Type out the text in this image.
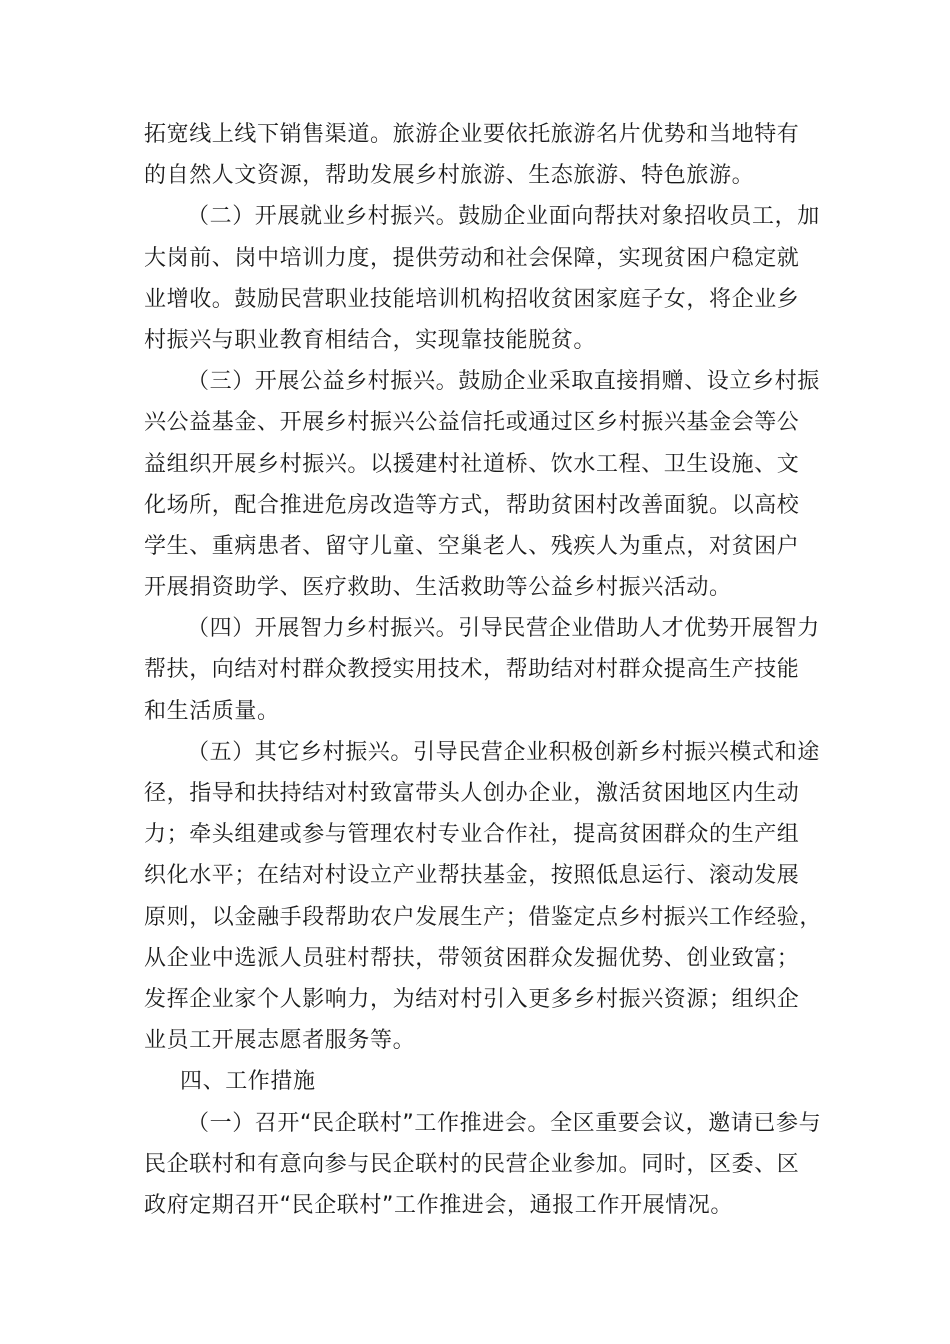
拓宽线上线下销售渠道。旅游企业要依托旅游名片优势和当地特有
的自然人文资源，帮助发展乡村旅游、生态旅游、特色旅游。
（二）开展就业乡村振兴。鼓励企业面向帮扶对象招收员工，加
大岗前、岗中培训力度，提供劳动和社会保障，实现贫困户稳定就
业增收。鼓励民营职业技能培训机构招收贫困家庭子女，将企业乡
村振兴与职业教育相结合，实现靠技能脱贫。
（三）开展公益乡村振兴。鼓励企业采取直接捐赠、设立乡村振
兴公益基金、开展乡村振兴公益信托或通过区乡村振兴基金会等公
益组织开展乡村振兴。以援建村社道桥、饮水工程、卫生设施、文
化场所，配合推进危房改造等方式，帮助贫困村改善面貌。以高校
学生、重病患者、留守儿童、空巢老人、残疾人为重点，对贫困户
开展捐资助学、医疗救助、生活救助等公益乡村振兴活动。
（四）开展智力乡村振兴。引导民营企业借助人才优势开展智力
帮扶，向结对村群众教授实用技术，帮助结对村群众提高生产技能
和生活质量。
（五）其它乡村振兴。引导民营企业积极创新乡村振兴模式和途
径，指导和扶持结对村致富带头人创办企业，激活贫困地区内生动
力；牵头组建或参与管理农村专业合作社，提高贫困群众的生产组
织化水平；在结对村设立产业帮扶基金，按照低息运行、滚动发展
原则，以金融手段帮助农户发展生产；借鉴定点乡村振兴工作经验，
从企业中选派人员驻村帮扶，带领贫困群众发掘优势、创业致富；
发挥企业家个人影响力，为结对村引入更多乡村振兴资源；组织企
业员工开展志愿者服务等。
四、工作措施
（一）召开“民企联村”工作推进会。全区重要会议，邀请已参与
民企联村和有意向参与民企联村的民营企业参加。同时，区委、区
政府定期召开“民企联村”工作推进会，通报工作开展情况。
